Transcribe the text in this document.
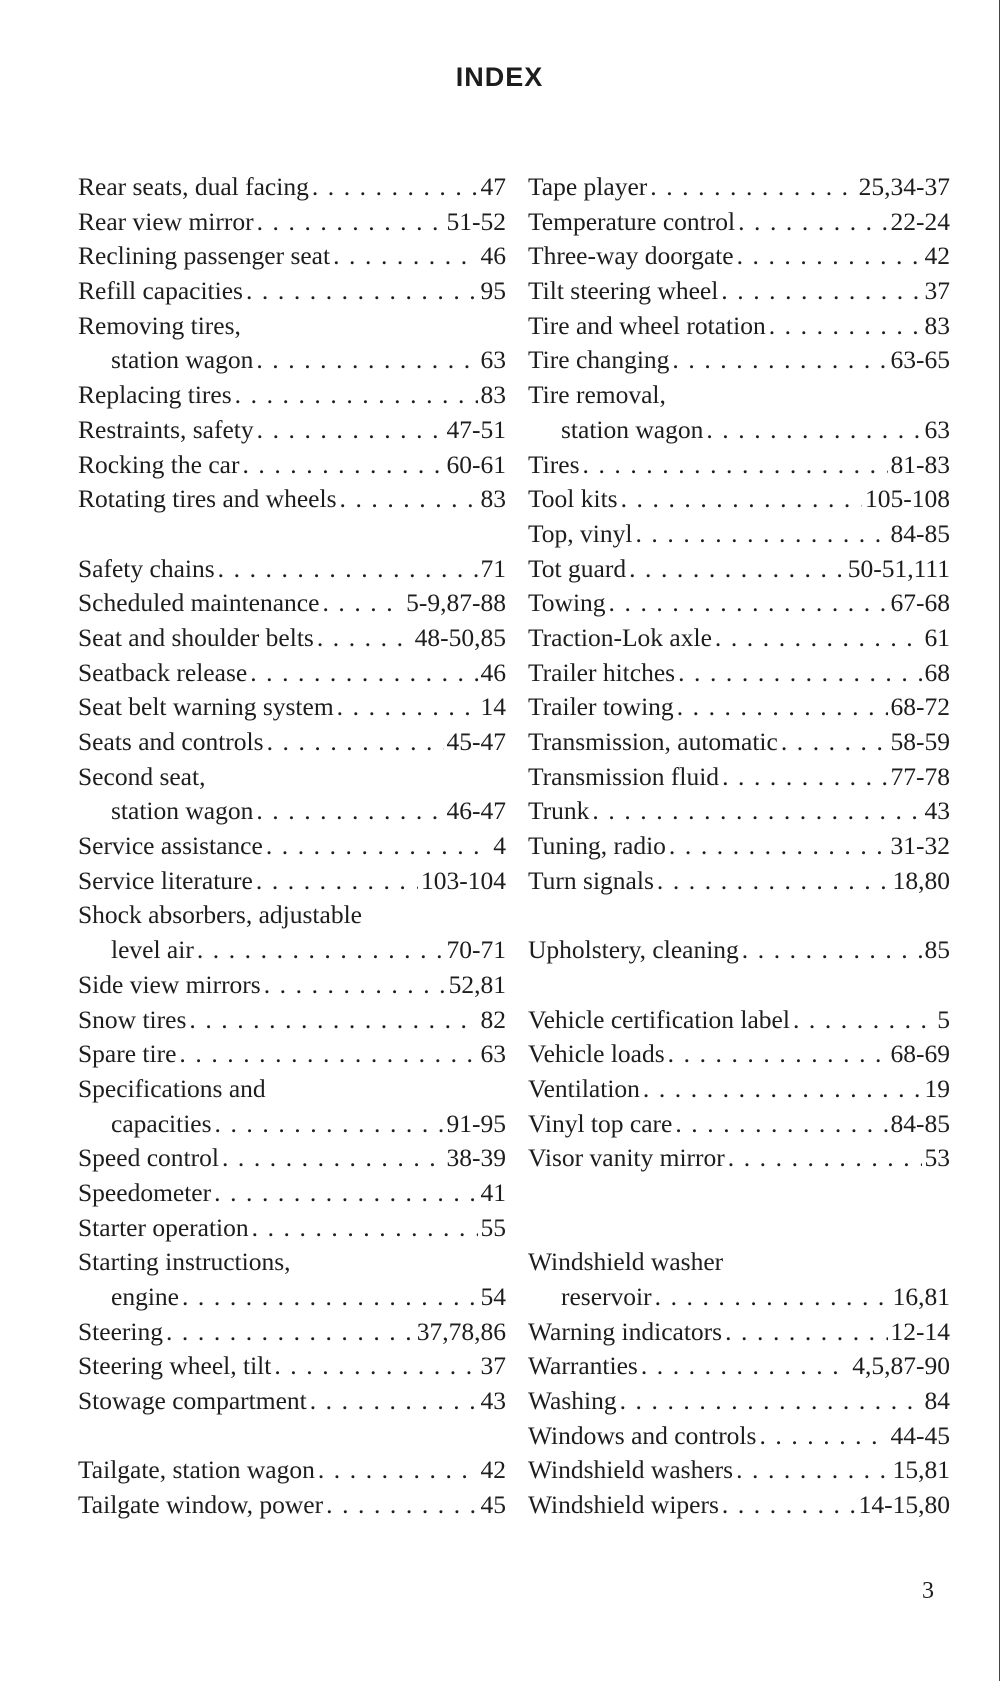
INDEX
Rear seats, dual facing . . .	47
Rear view mirror . . .	51-52
Reclining passenger seat . . .	46
Refill capacities . . .	95
Removing tires,
station wagon . . .	63
Replacing tires . . .	83
Restraints, safety . . .	47-51
Rocking the car . . .	60-61
Rotating tires and wheels . . .	83
Safety chains . . .	71
Scheduled maintenance . . .	5-9,87-88
Seat and shoulder belts . . .	48-50,85
Seatback release . . .	46
Seat belt warning system . . .	14
Seats and controls . . .	45-47
Second seat,
station wagon . . .	46-47
Service assistance . . .	4
Service literature . . .	103-104
Shock absorbers, adjustable
level air . . .	70-71
Side view mirrors . . .	52,81
Snow tires . . .	82
Spare tire . . .	63
Specifications and
capacities . . .	91-95
Speed control . . .	38-39
Speedometer . . .	41
Starter operation . . .	55
Starting instructions,
engine . . .	54
Steering . . .	37,78,86
Steering wheel, tilt . . .	37
Stowage compartment . . .	43
Tailgate, station wagon . . .	42
Tailgate window, power . . .	45
Tape player . . .	25,34-37
Temperature control . . .	22-24
Three-way doorgate . . .	42
Tilt steering wheel . . .	37
Tire and wheel rotation . . .	83
Tire changing . . .	63-65
Tire removal,
station wagon . . .	63
Tires . . .	81-83
Tool kits . . .	105-108
Top, vinyl . . .	84-85
Tot guard . . .	50-51,111
Towing . . .	67-68
Traction-Lok axle . . .	61
Trailer hitches . . .	68
Trailer towing . . .	68-72
Transmission, automatic . . .	58-59
Transmission fluid . . .	77-78
Trunk . . .	43
Tuning, radio . . .	31-32
Turn signals . . .	18,80
Upholstery, cleaning . . .	85
Vehicle certification label . . .	5
Vehicle loads . . .	68-69
Ventilation . . .	19
Vinyl top care . . .	84-85
Visor vanity mirror . . .	53
Windshield washer
reservoir . . .	16,81
Warning indicators . . .	12-14
Warranties . . .	4,5,87-90
Washing . . .	84
Windows and controls . . .	44-45
Windshield washers . . .	15,81
Windshield wipers . . .	14-15,80
3
